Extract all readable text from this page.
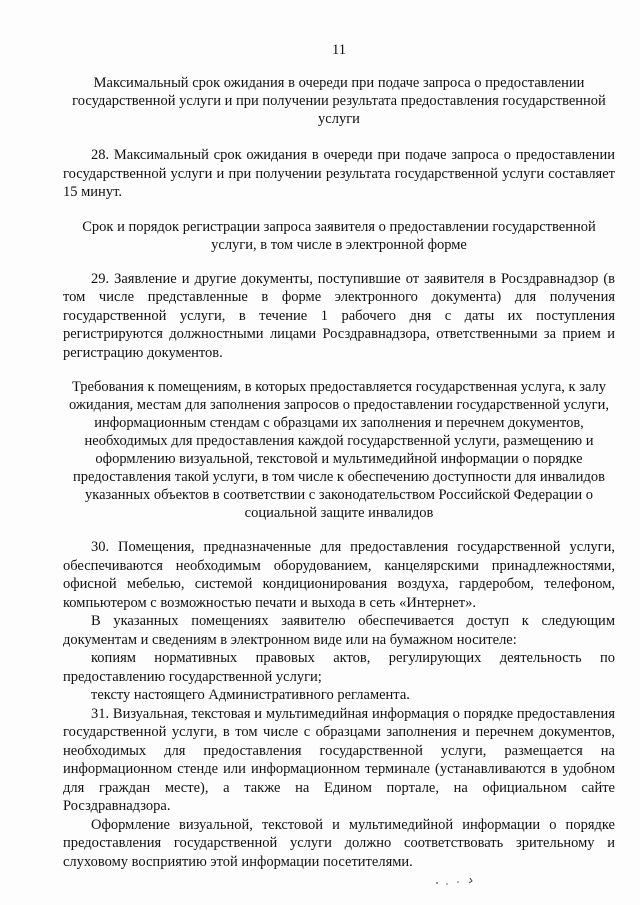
11
Максимальный срок ожидания в очереди при подаче запроса о предоставлении государственной услуги и при получении результата предоставления государственной услуги

28. Максимальный срок ожидания в очереди при подаче запроса о предоставлении государственной услуги и при получении результата государственной услуги составляет 15 минут.

Срок и порядок регистрации запроса заявителя о предоставлении государственной услуги, в том числе в электронной форме

29. Заявление и другие документы, поступившие от заявителя в Росздравнадзор (в том числе представленные в форме электронного документа) для получения государственной услуги, в течение 1 рабочего дня с даты их поступления регистрируются должностными лицами Росздравнадзора, ответственными за прием и регистрацию документов.

Требования к помещениям, в которых предоставляется государственная услуга, к залу ожидания, местам для заполнения запросов о предоставлении государственной услуги, информационным стендам с образцами их заполнения и перечнем документов, необходимых для предоставления каждой государственной услуги, размещению и оформлению визуальной, текстовой и мультимедийной информации о порядке предоставления такой услуги, в том числе к обеспечению доступности для инвалидов указанных объектов в соответствии с законодательством Российской Федерации о социальной защите инвалидов

30. Помещения, предназначенные для предоставления государственной услуги, обеспечиваются необходимым оборудованием, канцелярскими принадлежностями, офисной мебелью, системой кондиционирования воздуха, гардеробом, телефоном, компьютером с возможностью печати и выхода в сеть «Интернет».

В указанных помещениях заявителю обеспечивается доступ к следующим документам и сведениям в электронном виде или на бумажном носителе:

копиям нормативных правовых актов, регулирующих деятельность по предоставлению государственной услуги;

тексту настоящего Административного регламента.

31. Визуальная, текстовая и мультимедийная информация о порядке предоставления государственной услуги, в том числе с образцами заполнения и перечнем документов, необходимых для предоставления государственной услуги, размещается на информационном стенде или информационном терминале (устанавливаются в удобном для граждан месте), а также на Едином портале, на официальном сайте Росздравнадзора.

Оформление визуальной, текстовой и мультимедийной информации о порядке предоставления государственной услуги должно соответствовать зрительному и слуховому восприятию этой информации посетителями.
